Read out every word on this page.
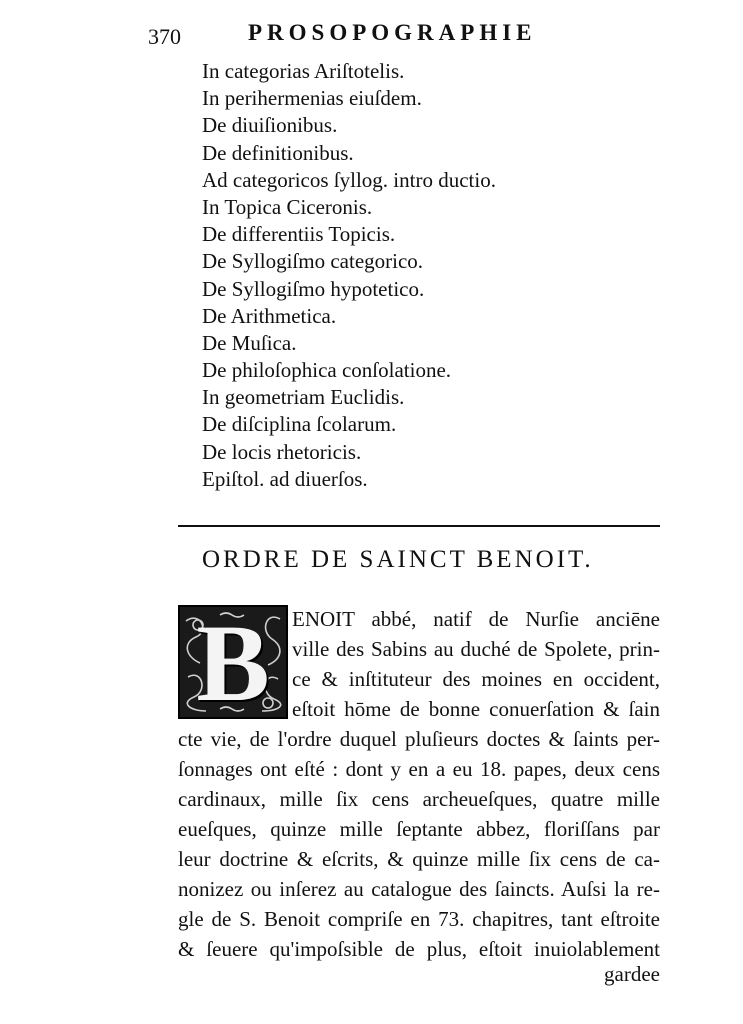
370	PROSOPOGRAPHIE
In categorias Ariſtotelis.
In perihermenias eiuſdem.
De diuiſionibus.
De definitionibus.
Ad categoricos ſyllog. intro ductio.
In Topica Ciceronis.
De differentiis Topicis.
De Syllogiſmo categorico.
De Syllogiſmo hypotetico.
De Arithmetica.
De Muſica.
De philoſophica conſolatione.
In geometriam Euclidis.
De diſciplina ſcolarum.
De locis rhetoricis.
Epiſtol. ad diuerſos.
ORDRE DE SAINCT BENOIT.
B	ENOIT abbé, natif de Nurſie anciēne
ville des Sabins au duché de Spolete, prin-
ce & inſtituteur des moines en occident,
eſtoit hōme de bonne conuerſation & ſain
cte vie, de l'ordre duquel pluſieurs doctes & ſaints per-
ſonnages ont eſté : dont y en a eu 18. papes, deux cens
cardinaux, mille ſix cens archeueſques, quatre mille
eueſques, quinze mille ſeptante abbez, floriſſans par
leur doctrine & eſcrits, & quinze mille ſix cens de ca-
nonizez ou inſerez au catalogue des ſaincts. Auſsi la re-
gle de S. Benoit compriſe en 73. chapitres, tant eſtroite
& ſeuere qu'impoſsible de plus, eſtoit inuiolablement
gardee
